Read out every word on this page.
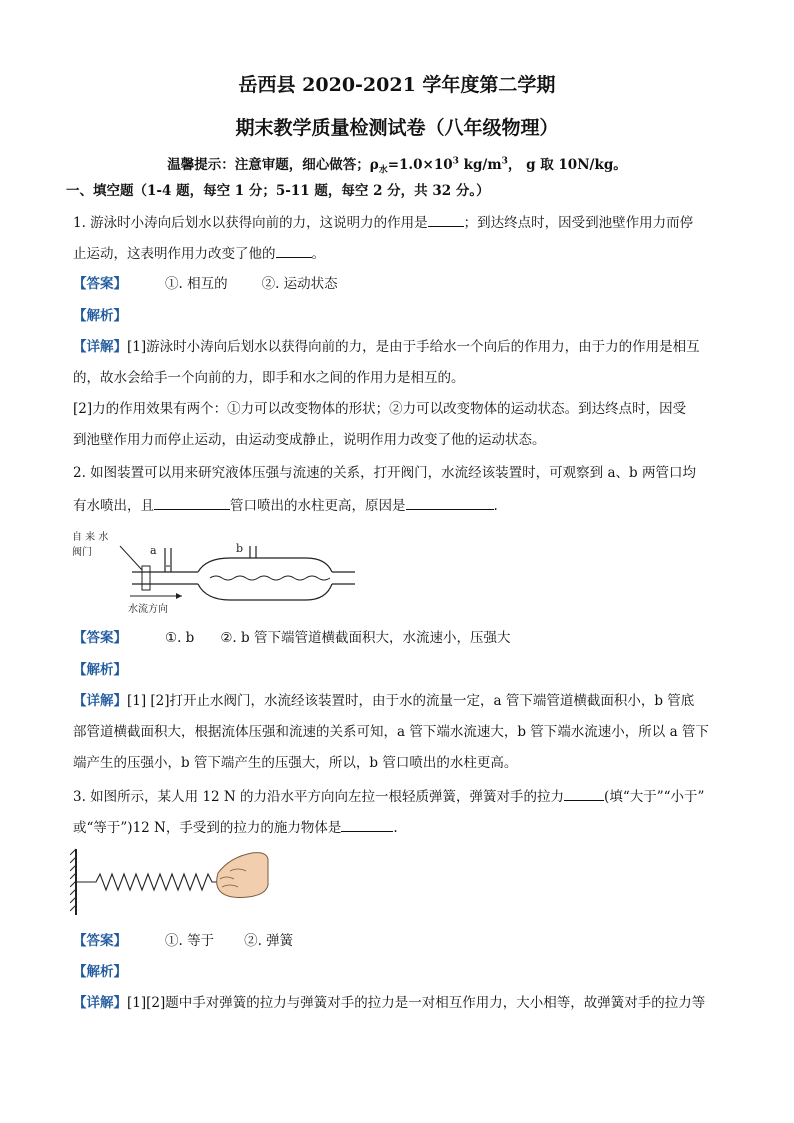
岳西县 2020-2021 学年度第二学期
期末教学质量检测试卷（八年级物理）
温馨提示：注意审题，细心做答；$\rho_水=1.0\times 10^3$ $kg/m^3$， g 取 10N/kg。
一、填空题（1-4 题，每空 1 分；5-11 题，每空 2 分，共 32 分。）
1. 游泳时小涛向后划水以获得向前的力，这说明力的作用是	；到达终点时，因受到池壁作用力而停
止运动，这表明作用力改变了他的	。
【答案】	①. 相互的	②. 运动状态
【解析】
【详解】[1]游泳时小涛向后划水以获得向前的力，是由于手给水一个向后的作用力，由于力的作用是相互
的，故水会给手一个向前的力，即手和水之间的作用力是相互的。
[2]力的作用效果有两个：①力可以改变物体的形状；②力可以改变物体的运动状态。到达终点时，因受
到池壁作用力而停止运动，由运动变成静止，说明作用力改变了他的运动状态。
2. 如图装置可以用来研究液体压强与流速的关系，打开阀门，水流经该装置时，可观察到 a、b 两管口均
有水喷出，且	管口喷出的水柱更高，原因是	.
自 来 水
阀门	a	b
水流方向
【答案】	①. b ②. b 管下端管道横截面积大，水流速小，压强大
【解析】
【详解】[1] [2]打开止水阀门，水流经该装置时，由于水的流量一定，a 管下端管道横截面积小，b 管底
部管道横截面积大，根据流体压强和流速的关系可知，a 管下端水流速大，b 管下端水流速小，所以 a 管下
端产生的压强小，b 管下端产生的压强大，所以，b 管口喷出的水柱更高。
3. 如图所示，某人用 12 N 的力沿水平方向向左拉一根轻质弹簧，弹簧对手的拉力	(填“大于”“小于”
或“等于”)12 N，手受到的拉力的施力物体是	.
【答案】	①. 等于 ②. 弹簧
【解析】
【详解】[1][2]题中手对弹簧的拉力与弹簧对手的拉力是一对相互作用力，大小相等，故弹簧对手的拉力等
